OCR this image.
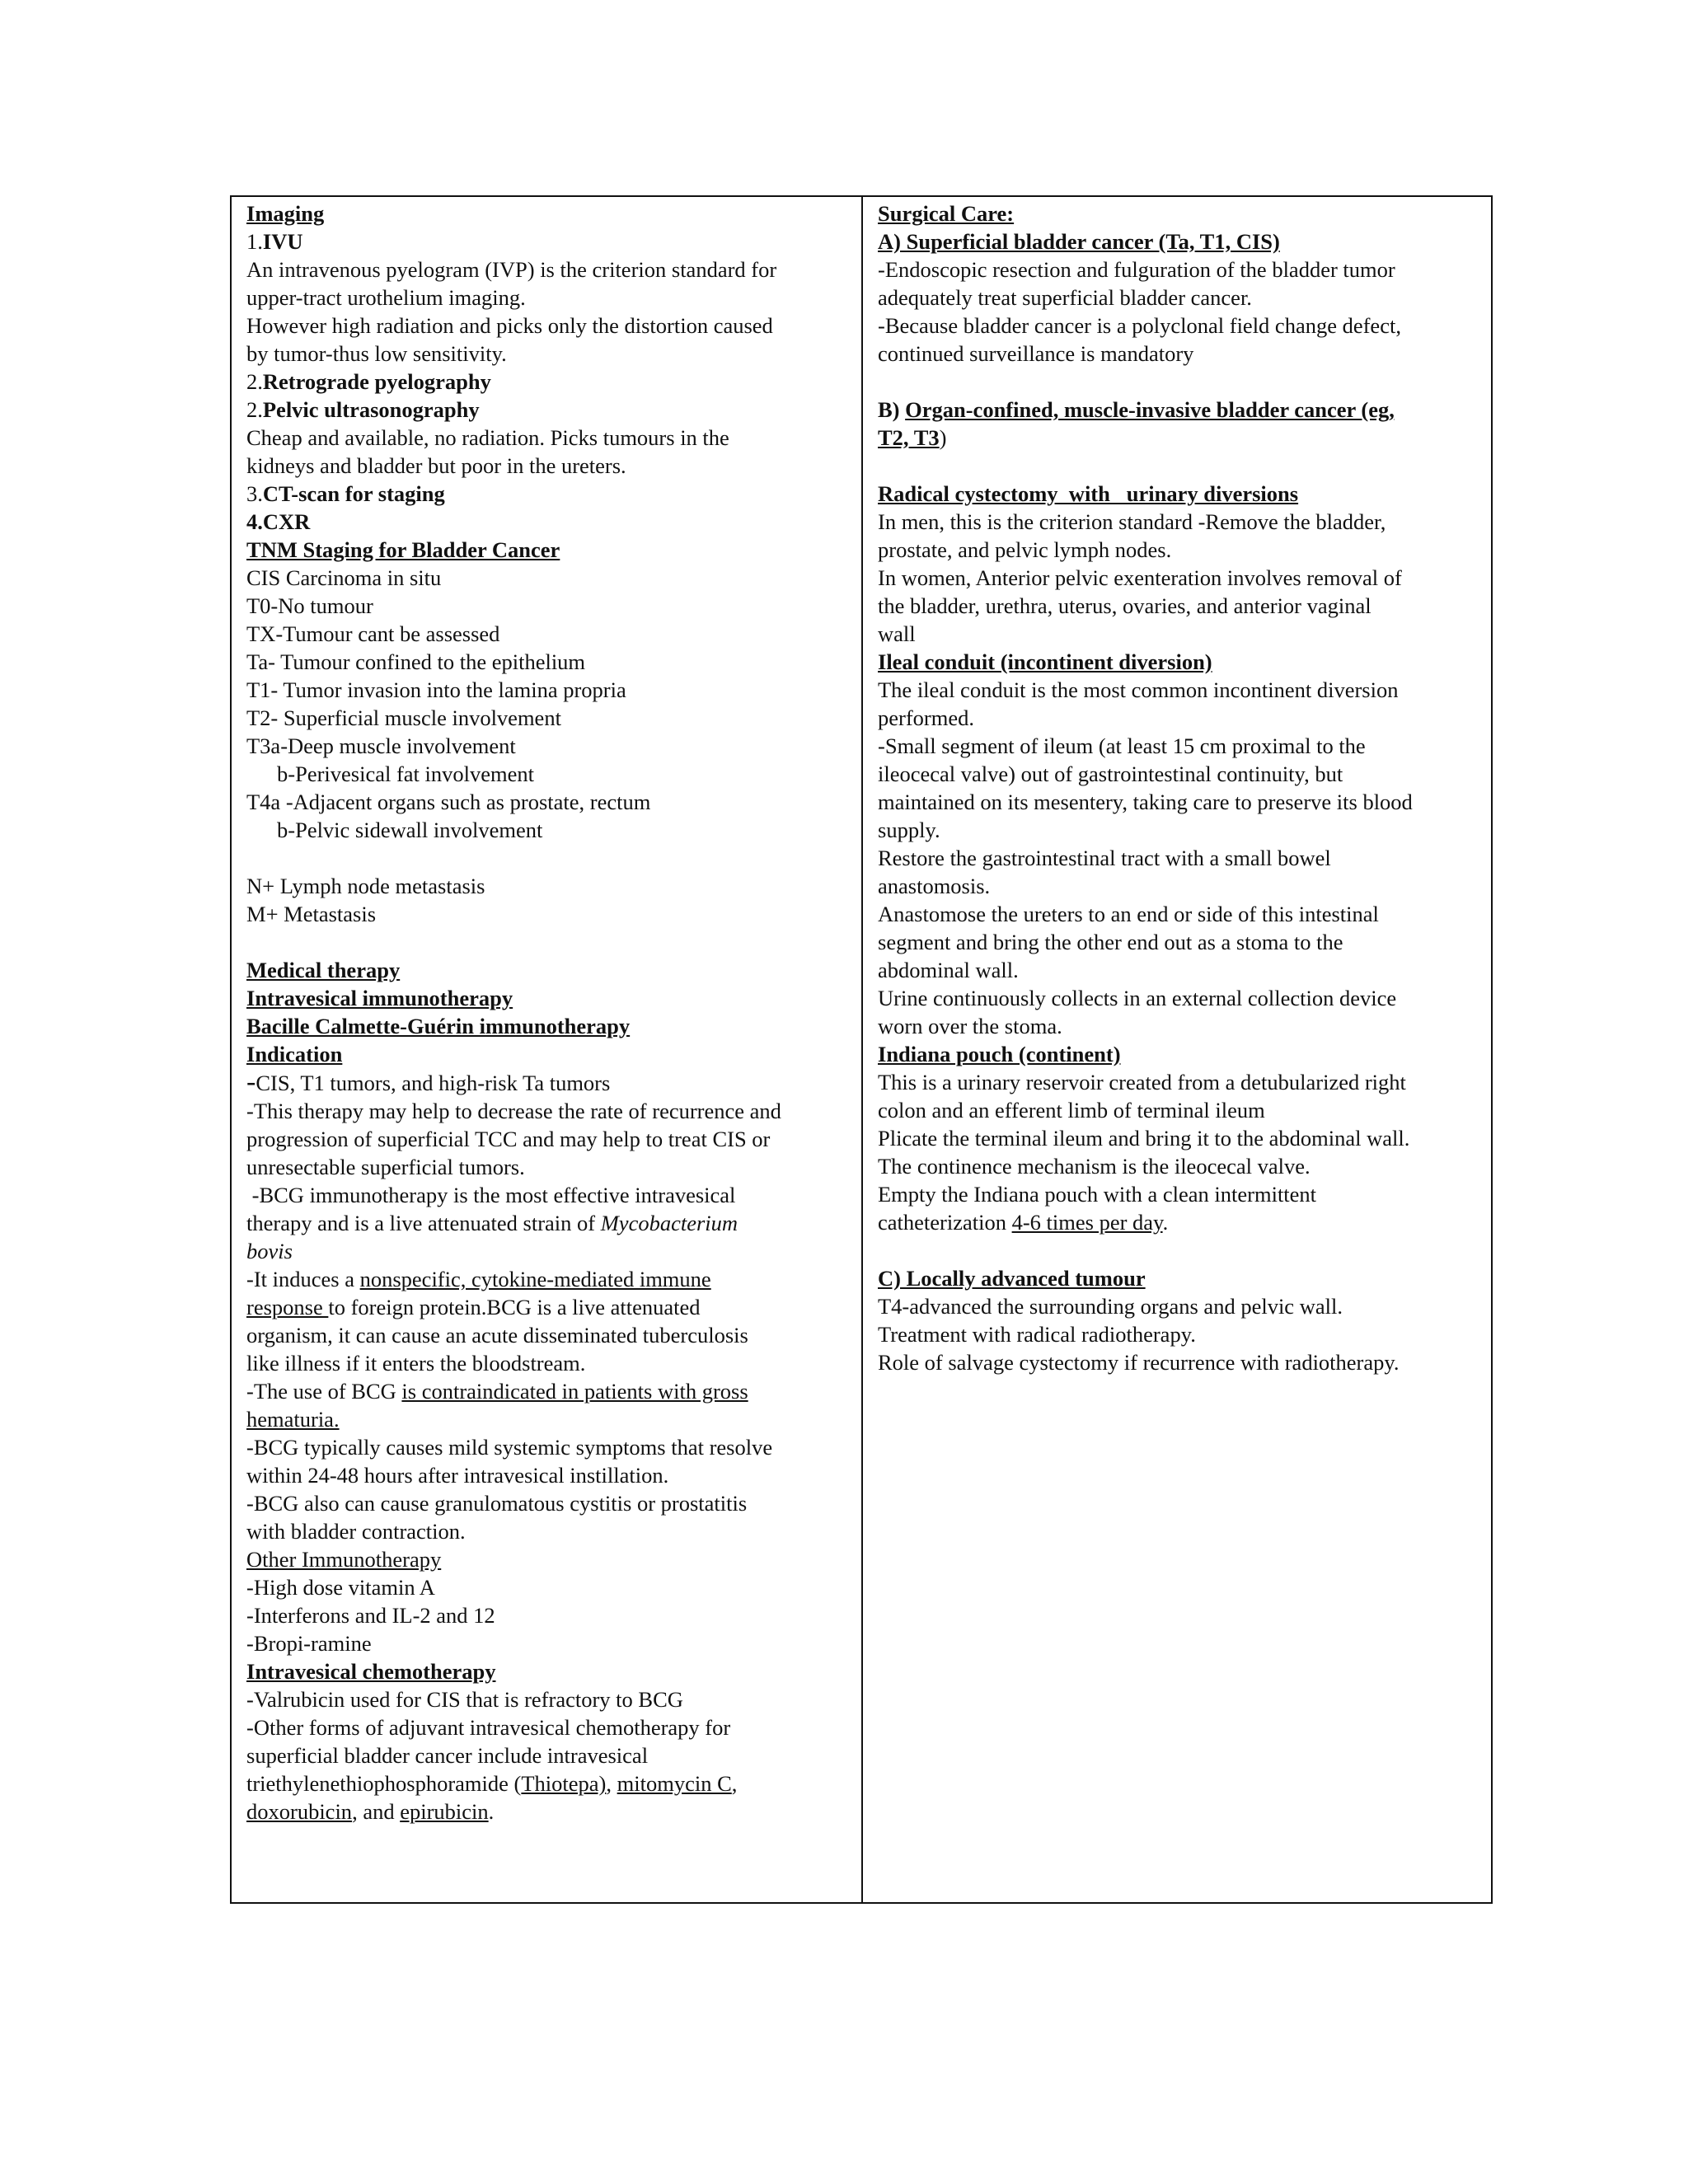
Imaging
1.IVU
An intravenous pyelogram (IVP) is the criterion standard for
upper-tract urothelium imaging.
However high radiation and picks only the distortion caused
by tumor-thus low sensitivity.
2.Retrograde pyelography
2.Pelvic ultrasonography
Cheap and available, no radiation. Picks tumours in the
kidneys and bladder but poor in the ureters.
3.CT-scan for staging
4.CXR
TNM Staging for Bladder Cancer
CIS Carcinoma in situ
T0-No tumour
TX-Tumour cant be assessed
Ta- Tumour confined to the epithelium
T1- Tumor invasion into the lamina propria
T2- Superficial muscle involvement
T3a-Deep muscle involvement
b-Perivesical fat involvement
T4a -Adjacent organs such as prostate, rectum
b-Pelvic sidewall involvement
N+ Lymph node metastasis
M+ Metastasis
Medical therapy
Intravesical immunotherapy
Bacille Calmette-Guérin immunotherapy
Indication
-CIS, T1 tumors, and high-risk Ta tumors
-This therapy may help to decrease the rate of recurrence and
progression of superficial TCC and may help to treat CIS or
unresectable superficial tumors.
-BCG immunotherapy is the most effective intravesical
therapy and is a live attenuated strain of Mycobacterium
bovis
-It induces a nonspecific, cytokine-mediated immune
response to foreign protein.BCG is a live attenuated
organism, it can cause an acute disseminated tuberculosis
like illness if it enters the bloodstream.
-The use of BCG is contraindicated in patients with gross
hematuria.
-BCG typically causes mild systemic symptoms that resolve
within 24-48 hours after intravesical instillation.
-BCG also can cause granulomatous cystitis or prostatitis
with bladder contraction.
Other Immunotherapy
-High dose vitamin A
-Interferons and IL-2 and 12
-Bropi-ramine
Intravesical chemotherapy
-Valrubicin used for CIS that is refractory to BCG
-Other forms of adjuvant intravesical chemotherapy for
superficial bladder cancer include intravesical
triethylenethiophosphoramide (Thiotepa), mitomycin C,
doxorubicin, and epirubicin.
Surgical Care:
A) Superficial bladder cancer (Ta, T1, CIS)
-Endoscopic resection and fulguration of the bladder tumor
adequately treat superficial bladder cancer.
-Because bladder cancer is a polyclonal field change defect,
continued surveillance is mandatory
B) Organ-confined, muscle-invasive bladder cancer (eg,
T2, T3)
Radical cystectomy  with   urinary diversions
In men, this is the criterion standard -Remove the bladder,
prostate, and pelvic lymph nodes.
In women, Anterior pelvic exenteration involves removal of
the bladder, urethra, uterus, ovaries, and anterior vaginal
wall
Ileal conduit (incontinent diversion)
The ileal conduit is the most common incontinent diversion
performed.
-Small segment of ileum (at least 15 cm proximal to the
ileocecal valve) out of gastrointestinal continuity, but
maintained on its mesentery, taking care to preserve its blood
supply.
Restore the gastrointestinal tract with a small bowel
anastomosis.
Anastomose the ureters to an end or side of this intestinal
segment and bring the other end out as a stoma to the
abdominal wall.
Urine continuously collects in an external collection device
worn over the stoma.
Indiana pouch (continent)
This is a urinary reservoir created from a detubularized right
colon and an efferent limb of terminal ileum
Plicate the terminal ileum and bring it to the abdominal wall.
The continence mechanism is the ileocecal valve.
Empty the Indiana pouch with a clean intermittent
catheterization 4-6 times per day.
C) Locally advanced tumour
T4-advanced the surrounding organs and pelvic wall.
Treatment with radical radiotherapy.
Role of salvage cystectomy if recurrence with radiotherapy.
